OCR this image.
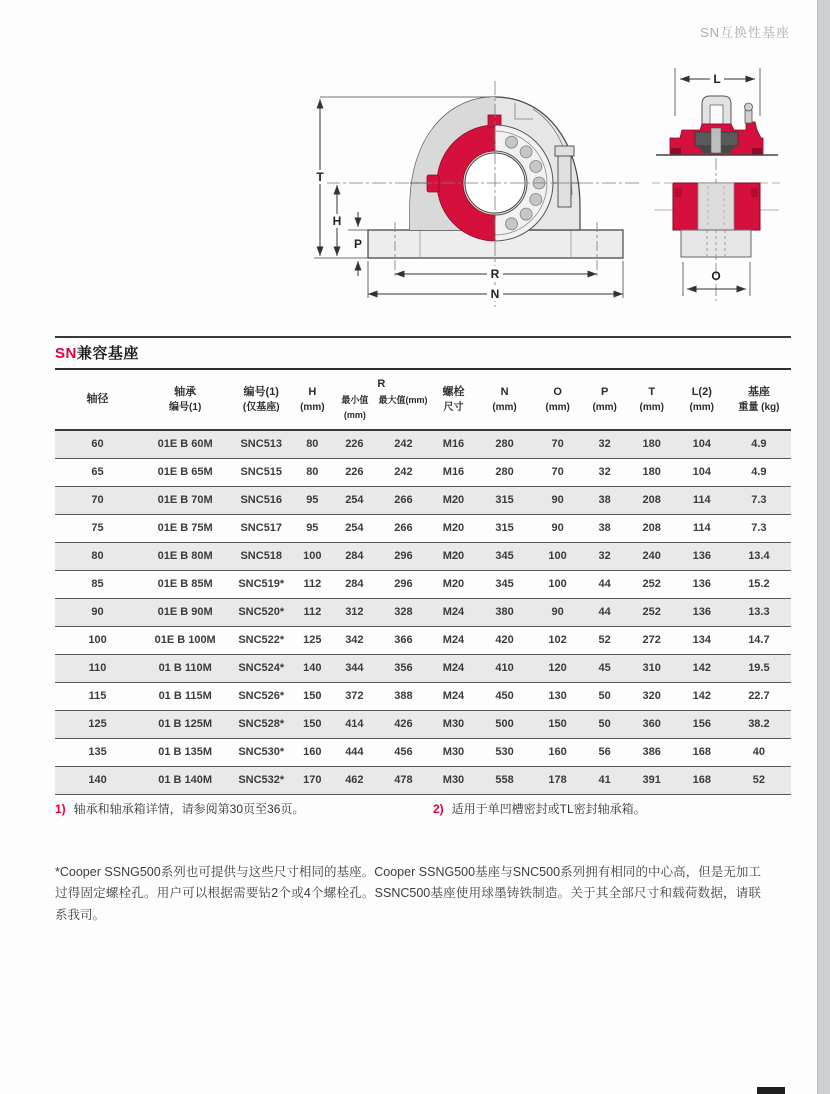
SN互换性基座
T
H
P
R
N
L
O
SN兼容基座
轴径

轴承
编号(1)

编号(1)
(仅基座)

H
(mm)

R
最小值(mm)
最大值(mm)

螺栓
尺寸

N
(mm)

O
(mm)

P
(mm)

T
(mm)

L(2)
(mm)

基座
重量 (kg)

60	01E B 60M	SNC513	80	226	242	M16	280	70	32	180	104	4.9
65	01E B 65M	SNC515	80	226	242	M16	280	70	32	180	104	4.9
70	01E B 70M	SNC516	95	254	266	M20	315	90	38	208	114	7.3
75	01E B 75M	SNC517	95	254	266	M20	315	90	38	208	114	7.3
80	01E B 80M	SNC518	100	284	296	M20	345	100	32	240	136	13.4
85	01E B 85M	SNC519*	112	284	296	M20	345	100	44	252	136	15.2
90	01E B 90M	SNC520*	112	312	328	M24	380	90	44	252	136	13.3
100	01E B 100M	SNC522*	125	342	366	M24	420	102	52	272	134	14.7
110	01 B 110M	SNC524*	140	344	356	M24	410	120	45	310	142	19.5
115	01 B 115M	SNC526*	150	372	388	M24	450	130	50	320	142	22.7
125	01 B 125M	SNC528*	150	414	426	M30	500	150	50	360	156	38.2
135	01 B 135M	SNC530*	160	444	456	M30	530	160	56	386	168	40
140	01 B 140M	SNC532*	170	462	478	M30	558	178	41	391	168	52
1) 轴承和轴承箱详情，请参阅第30页至36页。	2) 适用于单凹槽密封或TL密封轴承箱。
*Cooper SSNG500系列也可提供与这些尺寸相同的基座。Cooper SSNG500基座与SNC500系列拥有相同的中心高，但是无加工过得固定螺栓孔。用户可以根据需要钻2个或4个螺栓孔。SSNC500基座使用球墨铸铁制造。关于其全部尺寸和载荷数据，请联系我司。
